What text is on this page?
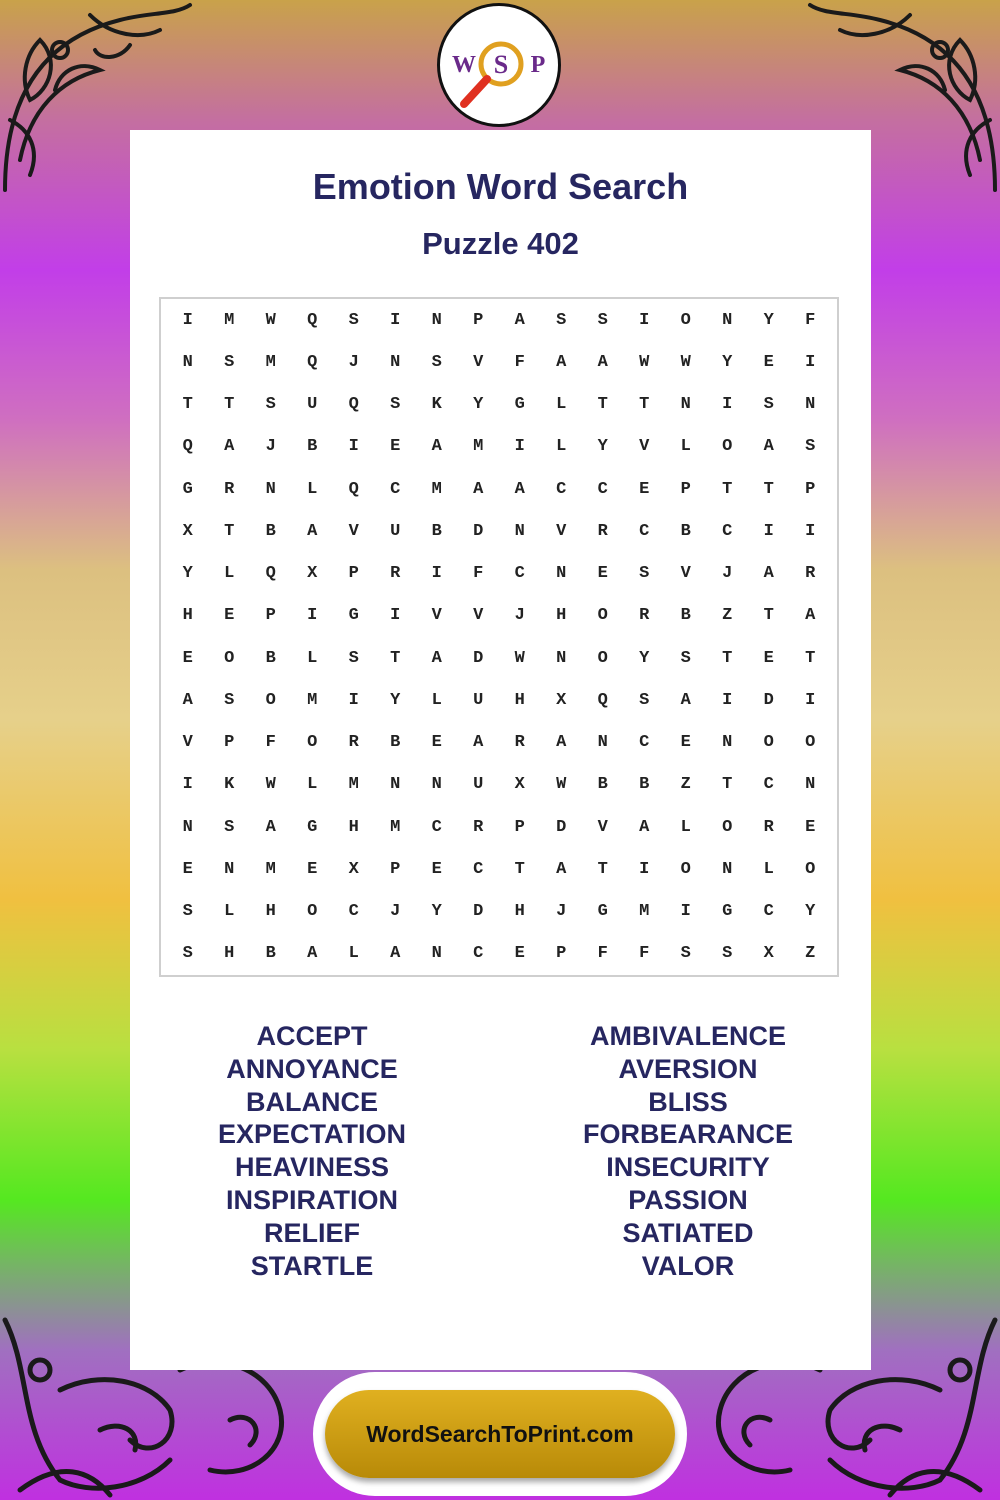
W S P
Emotion Word Search
Puzzle 402
I	M	W	Q	S	I	N	P	A	S	S	I	O	N	Y	F
N	S	M	Q	J	N	S	V	F	A	A	W	W	Y	E	I
T	T	S	U	Q	S	K	Y	G	L	T	T	N	I	S	N
Q	A	J	B	I	E	A	M	I	L	Y	V	L	O	A	S
G	R	N	L	Q	C	M	A	A	C	C	E	P	T	T	P
X	T	B	A	V	U	B	D	N	V	R	C	B	C	I	I
Y	L	Q	X	P	R	I	F	C	N	E	S	V	J	A	R
H	E	P	I	G	I	V	V	J	H	O	R	B	Z	T	A
E	O	B	L	S	T	A	D	W	N	O	Y	S	T	E	T
A	S	O	M	I	Y	L	U	H	X	Q	S	A	I	D	I
V	P	F	O	R	B	E	A	R	A	N	C	E	N	O	O
I	K	W	L	M	N	N	U	X	W	B	B	Z	T	C	N
N	S	A	G	H	M	C	R	P	D	V	A	L	O	R	E
E	N	M	E	X	P	E	C	T	A	T	I	O	N	L	O
S	L	H	O	C	J	Y	D	H	J	G	M	I	G	C	Y
S	H	B	A	L	A	N	C	E	P	F	F	S	S	X	Z
ACCEPT
ANNOYANCE
BALANCE
EXPECTATION
HEAVINESS
INSPIRATION
RELIEF
STARTLE
AMBIVALENCE
AVERSION
BLISS
FORBEARANCE
INSECURITY
PASSION
SATIATED
VALOR
WordSearchToPrint.com
